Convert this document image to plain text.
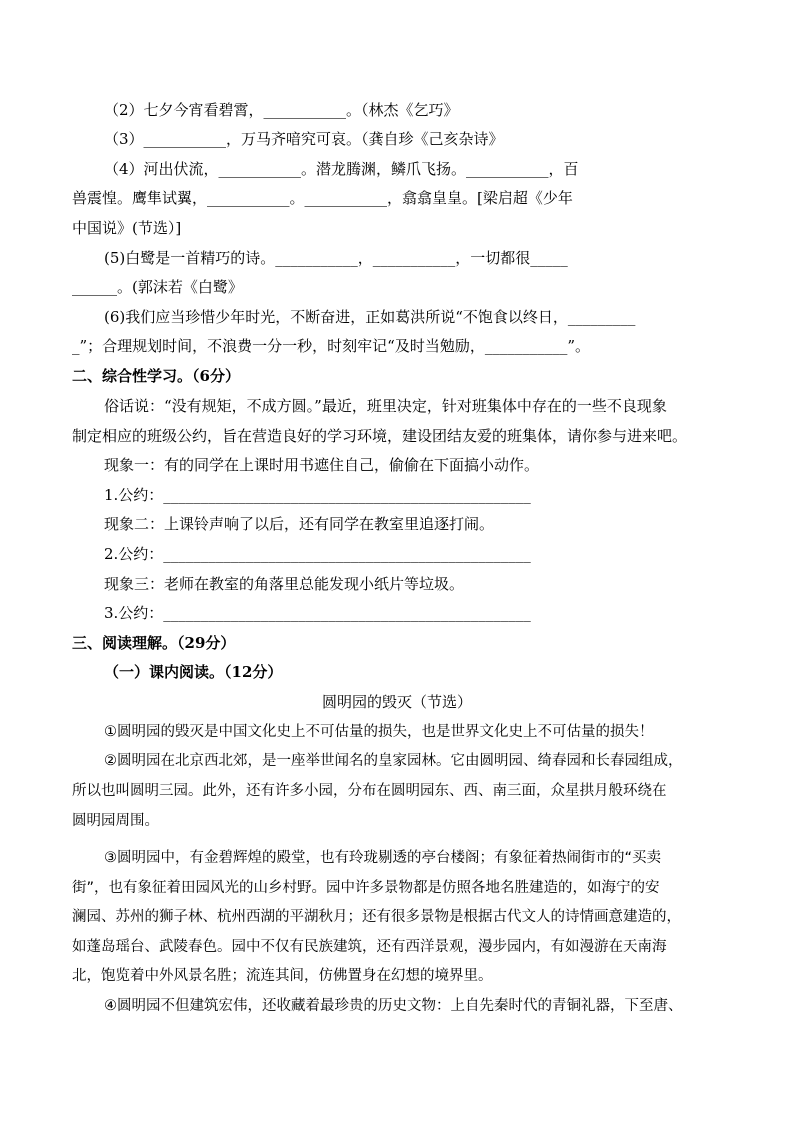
（2）七夕今宵看碧霄，___________。（林杰《乞巧》
（3）___________，万马齐喑究可哀。（龚自珍《己亥杂诗》
（4）河出伏流，___________。潜龙腾渊，鳞爪飞扬。___________，百
兽震惶。鹰隼试翼，___________。___________，翕翕皇皇。[梁启超《少年
中国说》(节选）]
(5)白鹭是一首精巧的诗。___________，___________，一切都很_____
______。(郭沫若《白鹭》
(6)我们应当珍惜少年时光，不断奋进，正如葛洪所说“不饱食以终日，_________
_”；合理规划时间，不浪费一分一秒，时刻牢记“及时当勉励，___________”。
二、综合性学习。（6分）
俗话说：“没有规矩，不成方圆。”最近，班里决定，针对班集体中存在的一些不良现象
制定相应的班级公约，旨在营造良好的学习环境，建设团结友爱的班集体，请你参与进来吧。
现象一：有的同学在上课时用书遮住自己，偷偷在下面搞小动作。
1.公约：_________________________________________________
现象二：上课铃声响了以后，还有同学在教室里追逐打闹。
2.公约：_________________________________________________
现象三：老师在教室的角落里总能发现小纸片等垃圾。
3.公约：_________________________________________________
三、阅读理解。（29分）
（一）课内阅读。（12分）
圆明园的毁灭（节选）
①圆明园的毁灭是中国文化史上不可估量的损失，也是世界文化史上不可估量的损失！
②圆明园在北京西北郊，是一座举世闻名的皇家园林。它由圆明园、绮春园和长春园组成，
所以也叫圆明三园。此外，还有许多小园，分布在圆明园东、西、南三面，众星拱月般环绕在
圆明园周围。
③圆明园中，有金碧辉煌的殿堂，也有玲珑剔透的亭台楼阁；有象征着热闹街市的“买卖
街”，也有象征着田园风光的山乡村野。园中许多景物都是仿照各地名胜建造的，如海宁的安
澜园、苏州的狮子林、杭州西湖的平湖秋月；还有很多景物是根据古代文人的诗情画意建造的，
如蓬岛瑶台、武陵春色。园中不仅有民族建筑，还有西洋景观，漫步园内，有如漫游在天南海
北，饱览着中外风景名胜；流连其间，仿佛置身在幻想的境界里。
④圆明园不但建筑宏伟，还收藏着最珍贵的历史文物：上自先秦时代的青铜礼器，下至唐、
